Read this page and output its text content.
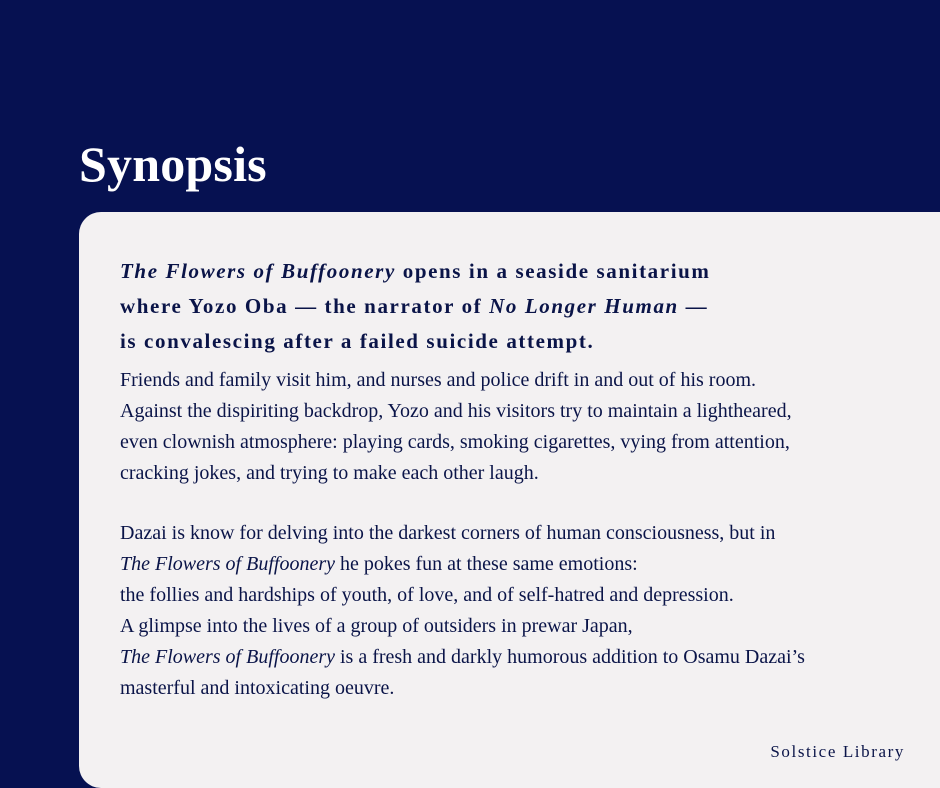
Synopsis

The Flowers of Buffoonery opens in a seaside sanitarium
where Yozo Oba — the narrator of No Longer Human —
is convalescing after a failed suicide attempt.

Friends and family visit him, and nurses and police drift in and out of his room.
Against the dispiriting backdrop, Yozo and his visitors try to maintain a lightheared,
even clownish atmosphere: playing cards, smoking cigarettes, vying from attention,
cracking jokes, and trying to make each other laugh.

Dazai is know for delving into the darkest corners of human consciousness, but in
The Flowers of Buffoonery he pokes fun at these same emotions:
the follies and hardships of youth, of love, and of self-hatred and depression.
A glimpse into the lives of a group of outsiders in prewar Japan,
The Flowers of Buffoonery is a fresh and darkly humorous addition to Osamu Dazai’s
masterful and intoxicating oeuvre.

Solstice Library
